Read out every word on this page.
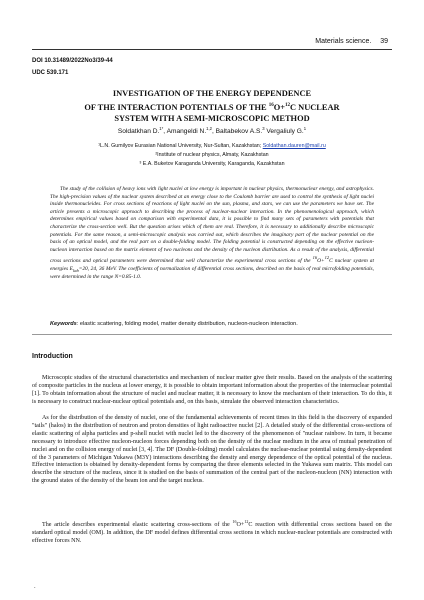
Materials science. 39
DOI 10.31489/2022No3/39-44
UDC 539.171
INVESTIGATION OF THE ENERGY DEPENDENCE
OF THE INTERACTION POTENTIALS OF THE $^{16}$O+$^{12}$C NUCLEAR
SYSTEM WITH A SEMI-MICROSCOPIC METHOD
Soldatkhan D.$^{1*}$, Amangeldi N.$^{1,2}$, Baltabekov A.S.$^3$ Vergaliuly G.$^1$
¹L.N. Gumilyov Eurasian National University, Nur-Sultan, Kazakhstan; Soldathan.dauren@mail.ru
²Institute of nuclear physics, Almaty, Kazakhstan
³ E.A. Buketov Karaganda University, Karaganda, Kazakhstan

The study of the collision of heavy ions with light nuclei at low energy is important in nuclear physics, thermonuclear energy, and astrophysics. The high-precision values of the nuclear system described at an energy close to the Coulomb barrier are used to control the synthesis of light nuclei inside thermonucleides. For cross sections of reactions of light nuclei on the sun, plasma, and stars, we can use the parameters we have set. The article presents a microscopic approach to describing the process of nuclear-nuclear interaction. In the phenomenological approach, which determines empirical values based on comparison with experimental data, it is possible to find many sets of parameters with potentials that characterize the cross-section well. But the question arises which of them are real. Therefore, it is necessary to additionally describe microscopic potentials. For the same reason, a semi-microscopic analysis was carried out, which describes the imaginary part of the nuclear potential on the basis of an optical model, and the real part on a double-folding model. The folding potential is constructed depending on the effective nucleon-nucleon interaction based on the matrix element of two nucleons and the density of the nucleon distribution. As a result of the analysis, differential cross sections and optical parameters were determined that well characterize the experimental cross sections of the $^{16}$O+$^{12}$C nuclear system at energies $E_{lab}=20$, 24, 36 MeV. The coefficients of normalization of differential cross sections, described on the basis of real microfolding potentials, were determined in the range N=0.85-1.0.

Keywords: elastic scattering, folding model, matter density distribution, nucleon-nucleon interaction.
Introduction

Microscopic studies of the structural characteristics and mechanism of nuclear matter give their results. Based on the analysis of the scattering of composite particles in the nucleus at lower energy, it is possible to obtain important information about the properties of the internuclear potential [1]. To obtain information about the structure of nuclei and nuclear matter, it is necessary to know the mechanism of their interaction. To do this, it is necessary to construct nuclear-nuclear optical potentials and, on this basis, simulate the observed interaction characteristics.

As for the distribution of the density of nuclei, one of the fundamental achievements of recent times in this field is the discovery of expanded "tails" (halos) in the distribution of neutron and proton densities of light radioactive nuclei [2]. A detailed study of the differential cross-sections of elastic scattering of alpha particles and p-shell nuclei with nuclei led to the discovery of the phenomenon of "nuclear rainbow. In turn, it became necessary to introduce effective nucleon-nucleon forces depending both on the density of the nuclear medium in the area of mutual penetration of nuclei and on the collision energy of nuclei [3, 4]. The DF (Double-folding) model calculates the nuclear-nuclear potential using density-dependent of the 3 parameters of Michigan Yukawa (M3Y) interactions describing the density and energy dependence of the optical potential of the nucleus. Effective interaction is obtained by density-dependent forms by comparing the three elements selected in the Yukawa sum matrix. This model can describe the structure of the nucleus, since it is studied on the basis of summation of the central part of the nucleon-nucleon (NN) interaction with the ground states of the density of the beam ion and the target nucleus.

The article describes experimental elastic scattering cross-sections of the $^{16}$O+$^{12}$C reaction with differential cross sections based on the standard optical model (OM). In addition, the DF model defines differential cross sections in which nuclear-nuclear potentials are constructed with effective forces NN.

.
